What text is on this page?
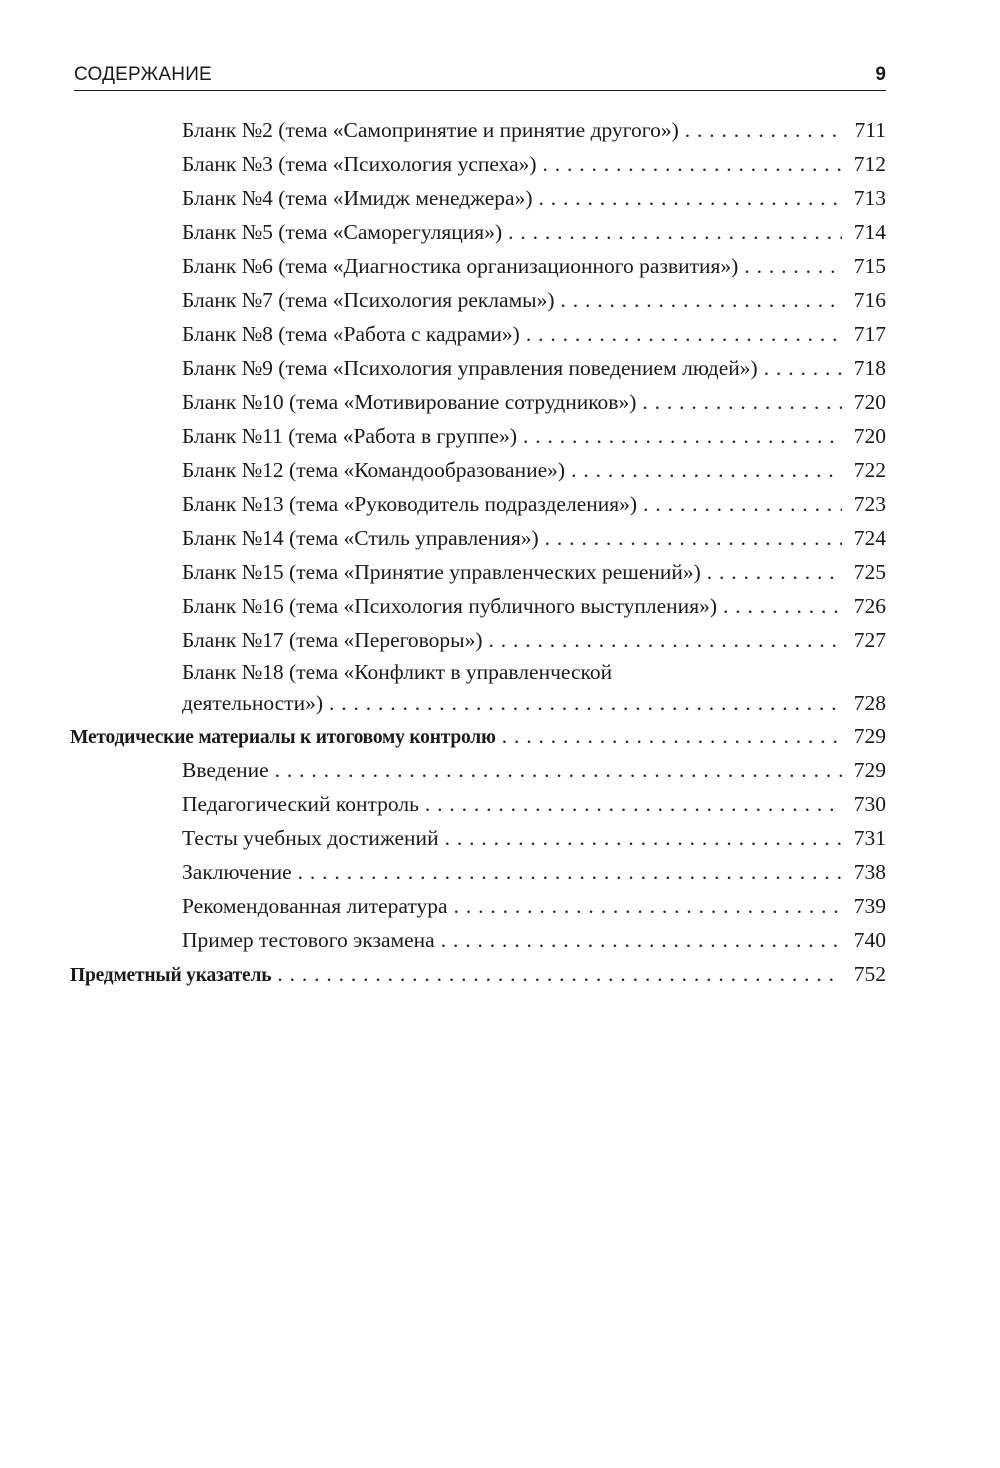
СОДЕРЖАНИЕ	9
Бланк №2 (тема «Самопринятие и принятие другого») . . .	711
Бланк №3 (тема «Психология успеха») . . .	712
Бланк №4 (тема «Имидж менеджера») . . .	713
Бланк №5 (тема «Саморегуляция») . . .	714
Бланк №6 (тема «Диагностика организационного развития») . . .	715
Бланк №7 (тема «Психология рекламы») . . .	716
Бланк №8 (тема «Работа с кадрами») . . .	717
Бланк №9 (тема «Психология управления поведением людей») . . .	718
Бланк №10 (тема «Мотивирование сотрудников») . . .	720
Бланк №11 (тема «Работа в группе») . . .	720
Бланк №12 (тема «Командообразование») . . .	722
Бланк №13 (тема «Руководитель подразделения») . . .	723
Бланк №14 (тема «Стиль управления») . . .	724
Бланк №15 (тема «Принятие управленческих решений») . . .	725
Бланк №16 (тема «Психология публичного выступления») . . .	726
Бланк №17 (тема «Переговоры») . . .	727
Бланк №18 (тема «Конфликт в управленческой
деятельности») . . .	728
Методические материалы к итоговому контролю . . .	729
Введение . . .	729
Педагогический контроль . . .	730
Тесты учебных достижений . . .	731
Заключение . . .	738
Рекомендованная литература . . .	739
Пример тестового экзамена . . .	740
Предметный указатель . . .	752
